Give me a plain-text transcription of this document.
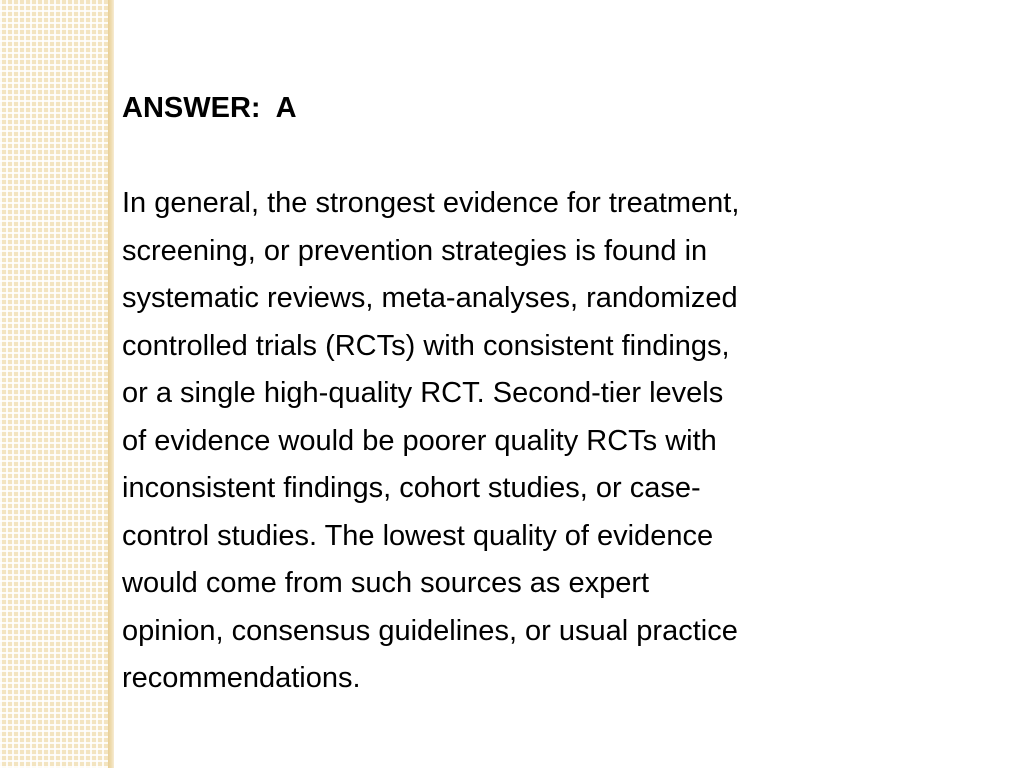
ANSWER:  A

In general, the strongest evidence for treatment,
screening, or prevention strategies is found in
systematic reviews, meta-analyses, randomized
controlled trials (RCTs) with consistent findings,
or a single high-quality RCT. Second-tier levels
of evidence would be poorer quality RCTs with
inconsistent findings, cohort studies, or case-
control studies. The lowest quality of evidence
would come from such sources as expert
opinion, consensus guidelines, or usual practice
recommendations.
